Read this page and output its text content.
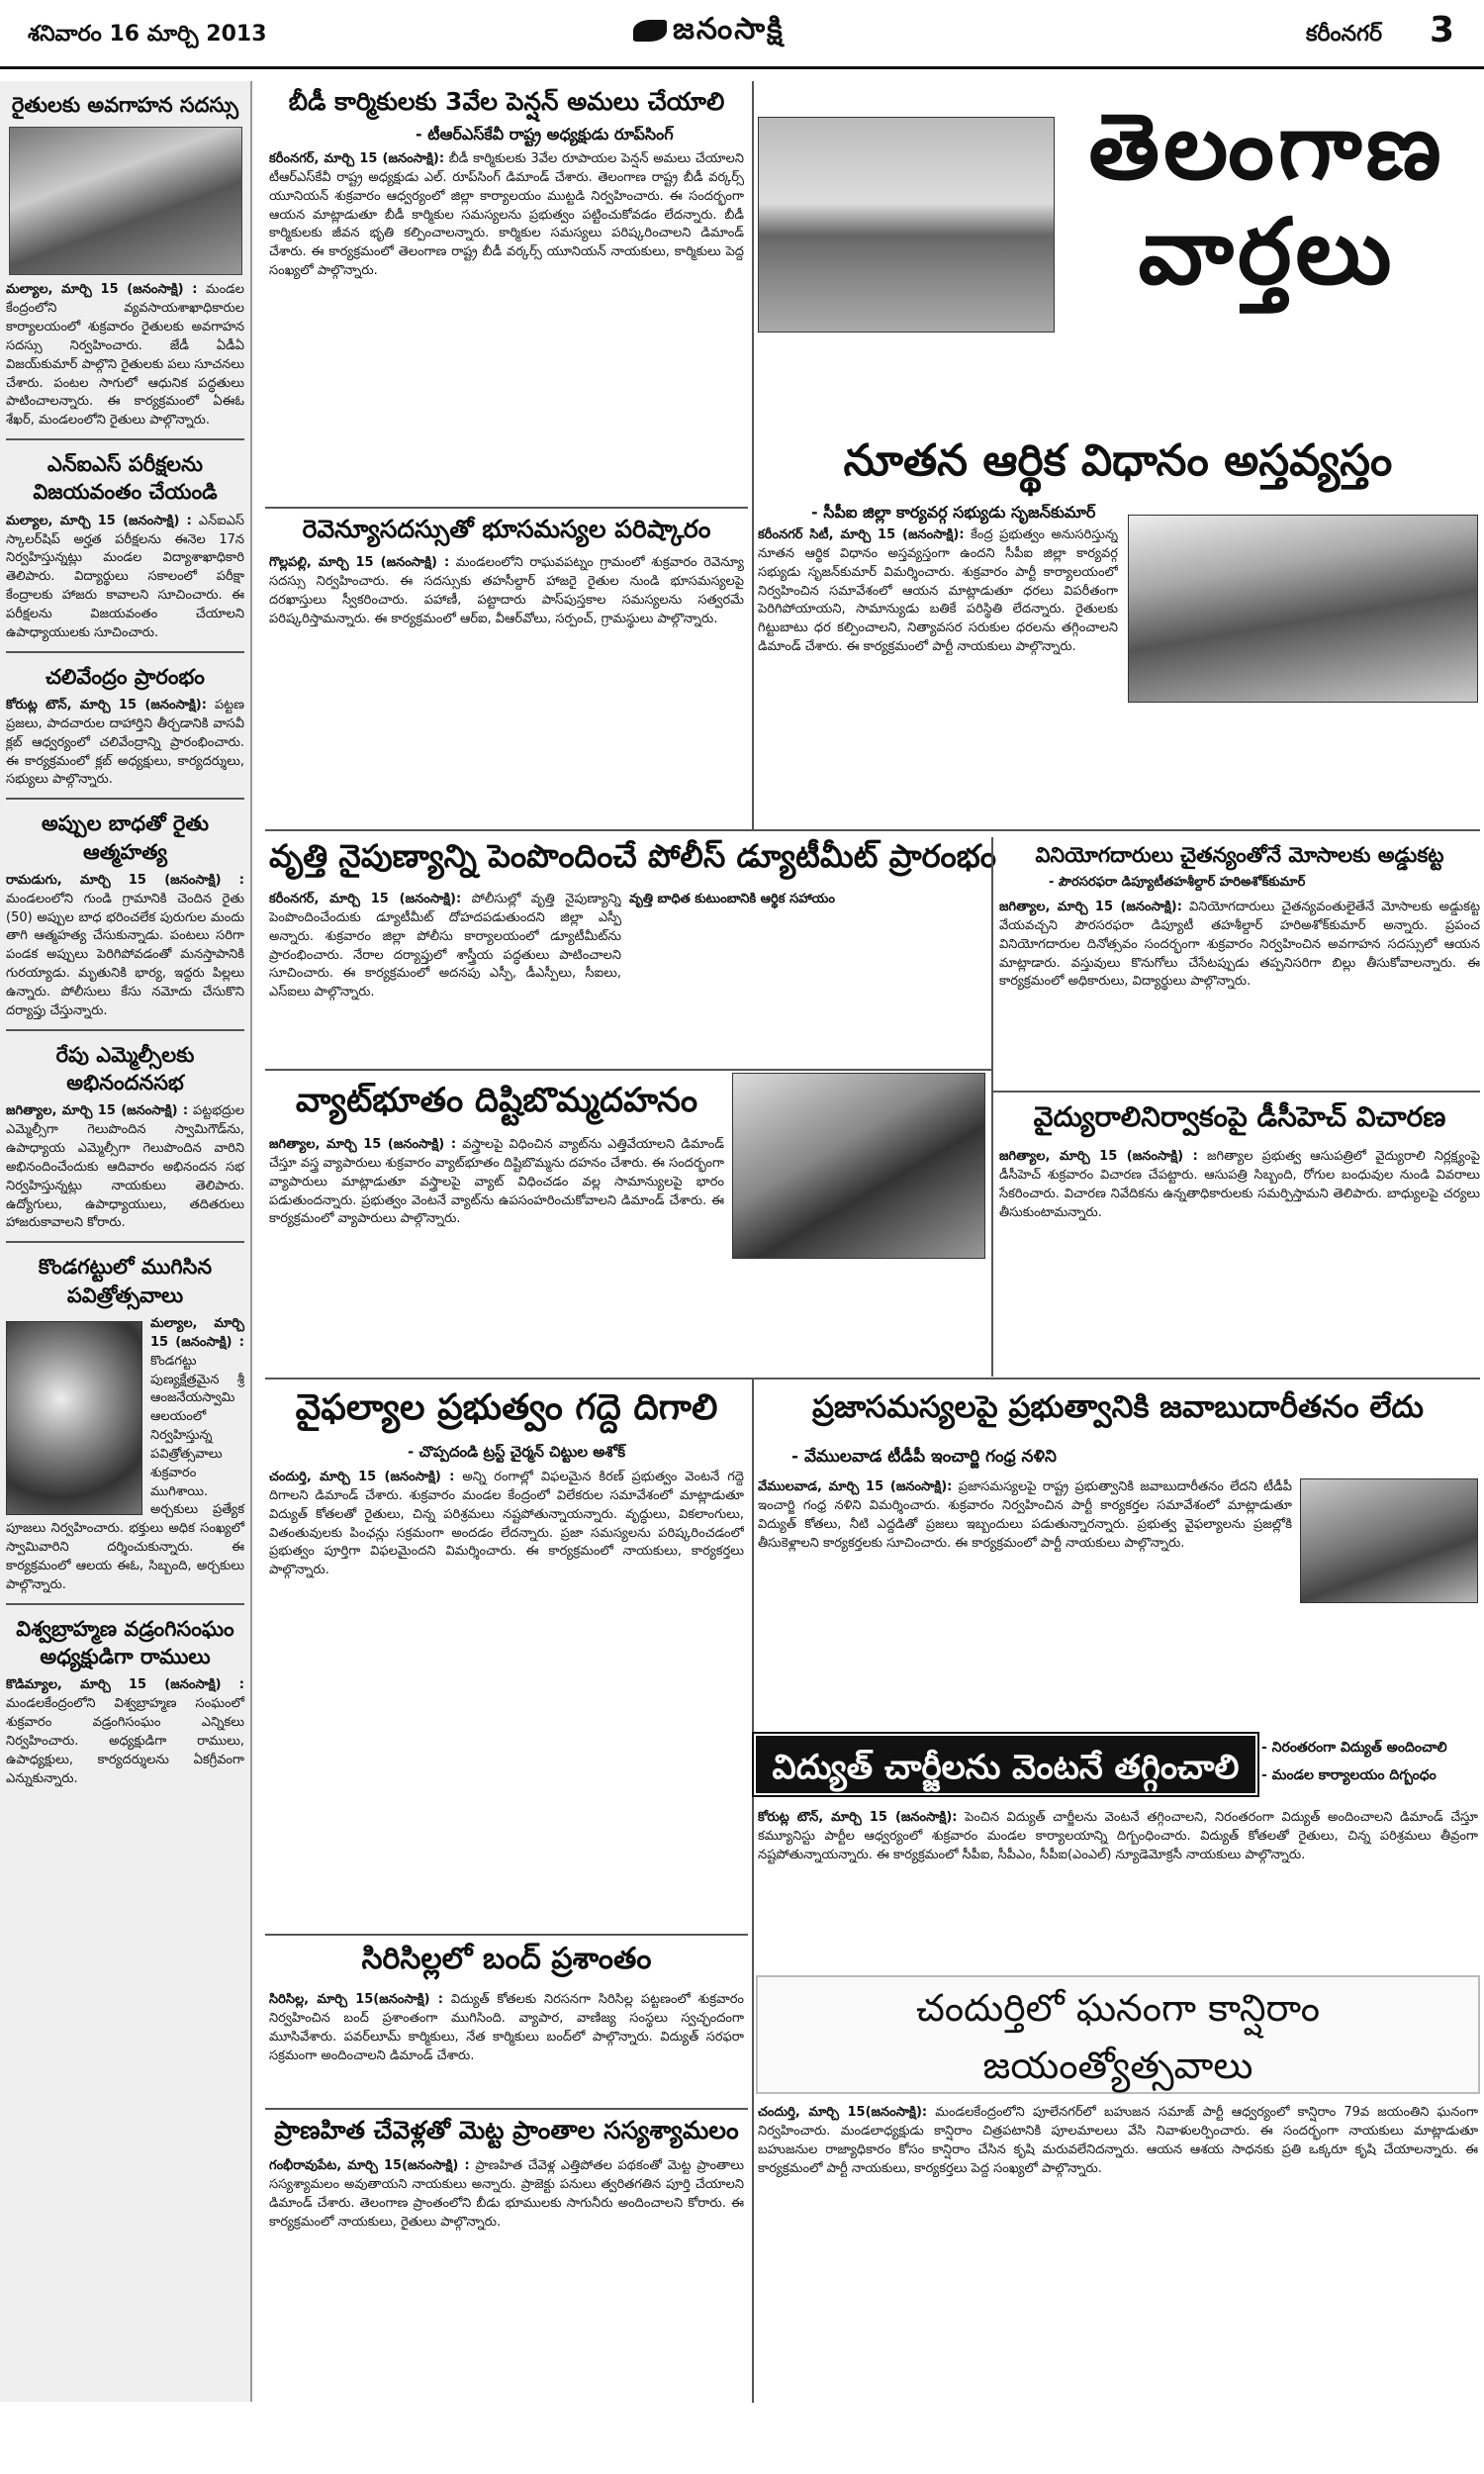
శనివారం 16 మార్చి 2013	జనంసాక్షి	కరీంనగర్ 3
రైతులకు అవగాహన సదస్సు
మల్యాల, మార్చి 15 (జనంసాక్షి) : మండల కేంద్రంలోని వ్యవసాయశాఖాధికారుల కార్యాలయంలో శుక్రవారం రైతులకు అవగాహన సదస్సు నిర్వహించారు. జేడీ ఏడీఏ విజయ్‌కుమార్ పాల్గొని రైతులకు పలు సూచనలు చేశారు. పంటల సాగులో ఆధునిక పద్ధతులు పాటించాలన్నారు. ఈ కార్యక్రమంలో ఏఈఓ శేఖర్, మండలంలోని రైతులు పాల్గొన్నారు.
ఎన్‌ఐఎస్ పరీక్షలను విజయవంతం చేయండి
మల్యాల, మార్చి 15 (జనంసాక్షి) : ఎన్‌ఐఎస్ స్కాలర్‌షిప్ అర్హత పరీక్షలను ఈనెల 17న నిర్వహిస్తున్నట్లు మండల విద్యాశాఖాధికారి తెలిపారు. విద్యార్థులు సకాలంలో పరీక్షా కేంద్రాలకు హాజరు కావాలని సూచించారు. ఈ పరీక్షలను విజయవంతం చేయాలని ఉపాధ్యాయులకు సూచించారు.
చలివేంద్రం ప్రారంభం
కోరుట్ల టౌన్, మార్చి 15 (జనంసాక్షి): పట్టణ ప్రజలు, పాదచారుల దాహార్తిని తీర్చడానికి వాసవీ క్లబ్ ఆధ్వర్యంలో చలివేంద్రాన్ని ప్రారంభించారు. ఈ కార్యక్రమంలో క్లబ్ అధ్యక్షులు, కార్యదర్శులు, సభ్యులు పాల్గొన్నారు.
అప్పుల బాధతో రైతు ఆత్మహత్య
రామడుగు, మార్చి 15 (జనంసాక్షి) : మండలంలోని గుండి గ్రామానికి చెందిన రైతు (50) అప్పుల బాధ భరించలేక పురుగుల మందు తాగి ఆత్మహత్య చేసుకున్నాడు. పంటలు సరిగా పండక అప్పులు పెరిగిపోవడంతో మనస్తాపానికి గురయ్యాడు. మృతునికి భార్య, ఇద్దరు పిల్లలు ఉన్నారు. పోలీసులు కేసు నమోదు చేసుకొని దర్యాప్తు చేస్తున్నారు.
రేపు ఎమ్మెల్సీలకు అభినందనసభ
జగిత్యాల, మార్చి 15 (జనంసాక్షి) : పట్టభద్రుల ఎమ్మెల్సీగా గెలుపొందిన స్వామిగౌడ్‌ను, ఉపాధ్యాయ ఎమ్మెల్సీగా గెలుపొందిన వారిని అభినందించేందుకు ఆదివారం అభినందన సభ నిర్వహిస్తున్నట్లు నాయకులు తెలిపారు. ఉద్యోగులు, ఉపాధ్యాయులు, తదితరులు హాజరుకావాలని కోరారు.
కొండగట్టులో ముగిసిన పవిత్రోత్సవాలు
మల్యాల, మార్చి 15 (జనంసాక్షి) : కొండగట్టు పుణ్యక్షేత్రమైన శ్రీ ఆంజనేయస్వామి ఆలయంలో నిర్వహిస్తున్న పవిత్రోత్సవాలు శుక్రవారం ముగిశాయి. అర్చకులు ప్రత్యేక పూజలు నిర్వహించారు. భక్తులు అధిక సంఖ్యలో స్వామివారిని దర్శించుకున్నారు. ఈ కార్యక్రమంలో ఆలయ ఈఓ, సిబ్బంది, అర్చకులు పాల్గొన్నారు.
విశ్వబ్రాహ్మణ వడ్రంగిసంఘం అధ్యక్షుడిగా రాములు
కొడిమ్యాల, మార్చి 15 (జనంసాక్షి) : మండలకేంద్రంలోని విశ్వబ్రాహ్మణ సంఘంలో శుక్రవారం వడ్రంగిసంఘం ఎన్నికలు నిర్వహించారు. అధ్యక్షుడిగా రాములు, ఉపాధ్యక్షులు, కార్యదర్శులను ఏకగ్రీవంగా ఎన్నుకున్నారు.
బీడీ కార్మికులకు 3వేల పెన్షన్ అమలు చేయాలి
- టీఆర్‌ఎస్‌కేవీ రాష్ట్ర అధ్యక్షుడు రూప్‌సింగ్
కరీంనగర్, మార్చి 15 (జనంసాక్షి): బీడీ కార్మికులకు 3వేల రూపాయల పెన్షన్ అమలు చేయాలని టీఆర్‌ఎస్‌కేవీ రాష్ట్ర అధ్యక్షుడు ఎల్. రూప్‌సింగ్ డిమాండ్ చేశారు. తెలంగాణ రాష్ట్ర బీడీ వర్కర్స్ యూనియన్ శుక్రవారం ఆధ్వర్యంలో జిల్లా కార్యాలయం ముట్టడి నిర్వహించారు. ఈ సందర్భంగా ఆయన మాట్లాడుతూ బీడీ కార్మికుల సమస్యలను ప్రభుత్వం పట్టించుకోవడం లేదన్నారు. బీడీ కార్మికులకు జీవన భృతి కల్పించాలన్నారు. కార్మికుల సమస్యలు పరిష్కరించాలని డిమాండ్ చేశారు. ఈ కార్యక్రమంలో తెలంగాణ రాష్ట్ర బీడీ వర్కర్స్ యూనియన్ నాయకులు, కార్మికులు పెద్ద సంఖ్యలో పాల్గొన్నారు.
రెవెన్యూసదస్సుతో భూసమస్యల పరిష్కారం
గొల్లపల్లి, మార్చి 15 (జనంసాక్షి) : మండలంలోని రాఘవపట్నం గ్రామంలో శుక్రవారం రెవెన్యూ సదస్సు నిర్వహించారు. ఈ సదస్సుకు తహసీల్దార్ హాజరై రైతుల నుండి భూసమస్యలపై దరఖాస్తులు స్వీకరించారు. పహాణీ, పట్టాదారు పాస్‌పుస్తకాల సమస్యలను సత్వరమే పరిష్కరిస్తామన్నారు. ఈ కార్యక్రమంలో ఆర్‌ఐ, వీఆర్‌వోలు, సర్పంచ్, గ్రామస్థులు పాల్గొన్నారు.
తెలంగాణ
వార్తలు
నూతన ఆర్థిక విధానం అస్తవ్యస్తం
- సీపీఐ జిల్లా కార్యవర్గ సభ్యుడు సృజన్‌కుమార్
కరీంనగర్ సిటీ, మార్చి 15 (జనంసాక్షి): కేంద్ర ప్రభుత్వం అనుసరిస్తున్న నూతన ఆర్థిక విధానం అస్తవ్యస్తంగా ఉందని సీపీఐ జిల్లా కార్యవర్గ సభ్యుడు సృజన్‌కుమార్ విమర్శించారు. శుక్రవారం పార్టీ కార్యాలయంలో నిర్వహించిన సమావేశంలో ఆయన మాట్లాడుతూ ధరలు విపరీతంగా పెరిగిపోయాయని, సామాన్యుడు బతికే పరిస్థితి లేదన్నారు. రైతులకు గిట్టుబాటు ధర కల్పించాలని, నిత్యావసర సరుకుల ధరలను తగ్గించాలని డిమాండ్ చేశారు. ఈ కార్యక్రమంలో పార్టీ నాయకులు పాల్గొన్నారు.
వృత్తి నైపుణ్యాన్ని పెంపొందించే పోలీస్ డ్యూటీమీట్ ప్రారంభం
కరీంనగర్, మార్చి 15 (జనంసాక్షి): పోలీసుల్లో వృత్తి నైపుణ్యాన్ని పెంపొందించేందుకు డ్యూటీమీట్ దోహదపడుతుందని జిల్లా ఎస్పీ అన్నారు. శుక్రవారం జిల్లా పోలీసు కార్యాలయంలో డ్యూటీమీట్‌ను ప్రారంభించారు. నేరాల దర్యాప్తులో శాస్త్రీయ పద్ధతులు పాటించాలని సూచించారు. ఈ కార్యక్రమంలో అదనపు ఎస్పీ, డీఎస్పీలు, సీఐలు, ఎస్‌ఐలు పాల్గొన్నారు.
వృత్తి బాధిత కుటుంబానికి ఆర్థిక సహాయం
వినియోగదారులు చైతన్యంతోనే మోసాలకు అడ్డుకట్ట
- పౌరసరఫరా డిప్యూటీతహశీల్దార్ హరిఅశోక్‌కుమార్
జగిత్యాల, మార్చి 15 (జనంసాక్షి): వినియోగదారులు చైతన్యవంతులైతేనే మోసాలకు అడ్డుకట్ట వేయవచ్చని పౌరసరఫరా డిప్యూటీ తహశీల్దార్ హరిఅశోక్‌కుమార్ అన్నారు. ప్రపంచ వినియోగదారుల దినోత్సవం సందర్భంగా శుక్రవారం నిర్వహించిన అవగాహన సదస్సులో ఆయన మాట్లాడారు. వస్తువులు కొనుగోలు చేసేటప్పుడు తప్పనిసరిగా బిల్లు తీసుకోవాలన్నారు. ఈ కార్యక్రమంలో అధికారులు, విద్యార్థులు పాల్గొన్నారు.
వ్యాట్‌భూతం దిష్టిబొమ్మదహనం
జగిత్యాల, మార్చి 15 (జనంసాక్షి) : వస్త్రాలపై విధించిన వ్యాట్‌ను ఎత్తివేయాలని డిమాండ్ చేస్తూ వస్త్ర వ్యాపారులు శుక్రవారం వ్యాట్‌భూతం దిష్టిబొమ్మను దహనం చేశారు. ఈ సందర్భంగా వ్యాపారులు మాట్లాడుతూ వస్త్రాలపై వ్యాట్ విధించడం వల్ల సామాన్యులపై భారం పడుతుందన్నారు. ప్రభుత్వం వెంటనే వ్యాట్‌ను ఉపసంహరించుకోవాలని డిమాండ్ చేశారు. ఈ కార్యక్రమంలో వ్యాపారులు పాల్గొన్నారు.
వైద్యురాలినిర్వాకంపై డీసీహెచ్ విచారణ
జగిత్యాల, మార్చి 15 (జనంసాక్షి) : జగిత్యాల ప్రభుత్వ ఆసుపత్రిలో వైద్యురాలి నిర్లక్ష్యంపై డీసీహెచ్ శుక్రవారం విచారణ చేపట్టారు. ఆసుపత్రి సిబ్బంది, రోగుల బంధువుల నుండి వివరాలు సేకరించారు. విచారణ నివేదికను ఉన్నతాధికారులకు సమర్పిస్తామని తెలిపారు. బాధ్యులపై చర్యలు తీసుకుంటామన్నారు.
వైఫల్యాల ప్రభుత్వం గద్దె దిగాలి
- చొప్పదండి ట్రస్ట్ చైర్మన్ చిట్టుల అశోక్
చందుర్తి, మార్చి 15 (జనంసాక్షి) : అన్ని రంగాల్లో విఫలమైన కిరణ్ ప్రభుత్వం వెంటనే గద్దె దిగాలని డిమాండ్ చేశారు. శుక్రవారం మండల కేంద్రంలో విలేకరుల సమావేశంలో మాట్లాడుతూ విద్యుత్ కోతలతో రైతులు, చిన్న పరిశ్రమలు నష్టపోతున్నాయన్నారు. వృద్ధులు, వికలాంగులు, వితంతువులకు పింఛన్లు సక్రమంగా అందడం లేదన్నారు. ప్రజా సమస్యలను పరిష్కరించడంలో ప్రభుత్వం పూర్తిగా విఫలమైందని విమర్శించారు. ఈ కార్యక్రమంలో నాయకులు, కార్యకర్తలు పాల్గొన్నారు.
సిరిసిల్లలో బంద్ ప్రశాంతం
సిరిసిల్ల, మార్చి 15(జనంసాక్షి) : విద్యుత్ కోతలకు నిరసనగా సిరిసిల్ల పట్టణంలో శుక్రవారం నిర్వహించిన బంద్ ప్రశాంతంగా ముగిసింది. వ్యాపార, వాణిజ్య సంస్థలు స్వచ్ఛందంగా మూసివేశారు. పవర్‌లూమ్ కార్మికులు, నేత కార్మికులు బంద్‌లో పాల్గొన్నారు. విద్యుత్ సరఫరా సక్రమంగా అందించాలని డిమాండ్ చేశారు.
ప్రాణహిత చేవెళ్లతో మెట్ట ప్రాంతాల సస్యశ్యామలం
గంభీరావుపేట, మార్చి 15(జనంసాక్షి) : ప్రాణహిత చేవెళ్ల ఎత్తిపోతల పథకంతో మెట్ట ప్రాంతాలు సస్యశ్యామలం అవుతాయని నాయకులు అన్నారు. ప్రాజెక్టు పనులు త్వరితగతిన పూర్తి చేయాలని డిమాండ్ చేశారు. తెలంగాణ ప్రాంతంలోని బీడు భూములకు సాగునీరు అందించాలని కోరారు. ఈ కార్యక్రమంలో నాయకులు, రైతులు పాల్గొన్నారు.
ప్రజాసమస్యలపై ప్రభుత్వానికి జవాబుదారీతనం లేదు
- వేములవాడ టీడీపీ ఇంచార్జి గంధ్ర నళిని
వేములవాడ, మార్చి 15 (జనంసాక్షి): ప్రజాసమస్యలపై రాష్ట్ర ప్రభుత్వానికి జవాబుదారీతనం లేదని టీడీపీ ఇంచార్జి గంధ్ర నళిని విమర్శించారు. శుక్రవారం నిర్వహించిన పార్టీ కార్యకర్తల సమావేశంలో మాట్లాడుతూ విద్యుత్ కోతలు, నీటి ఎద్దడితో ప్రజలు ఇబ్బందులు పడుతున్నారన్నారు. ప్రభుత్వ వైఫల్యాలను ప్రజల్లోకి తీసుకెళ్లాలని కార్యకర్తలకు సూచించారు. ఈ కార్యక్రమంలో పార్టీ నాయకులు పాల్గొన్నారు.
విద్యుత్ చార్జీలను వెంటనే తగ్గించాలి	- నిరంతరంగా విద్యుత్ అందించాలి
- మండల కార్యాలయం దిగ్బంధం
కోరుట్ల టౌన్, మార్చి 15 (జనంసాక్షి): పెంచిన విద్యుత్ చార్జీలను వెంటనే తగ్గించాలని, నిరంతరంగా విద్యుత్ అందించాలని డిమాండ్ చేస్తూ కమ్యూనిస్టు పార్టీల ఆధ్వర్యంలో శుక్రవారం మండల కార్యాలయాన్ని దిగ్బంధించారు. విద్యుత్ కోతలతో రైతులు, చిన్న పరిశ్రమలు తీవ్రంగా నష్టపోతున్నాయన్నారు. ఈ కార్యక్రమంలో సీపీఐ, సీపీఎం, సీపీఐ(ఎంఎల్) న్యూడెమోక్రసీ నాయకులు పాల్గొన్నారు.
చందుర్తిలో ఘనంగా కాన్షిరాం జయంత్యోత్సవాలు
చందుర్తి, మార్చి 15(జనంసాక్షి): మండలకేంద్రంలోని పూలేనగర్‌లో బహుజన సమాజ్ పార్టీ ఆధ్వర్యంలో కాన్షిరాం 79వ జయంతిని ఘనంగా నిర్వహించారు. మండలాధ్యక్షుడు కాన్షిరాం చిత్రపటానికి పూలమాలలు వేసి నివాళులర్పించారు. ఈ సందర్భంగా నాయకులు మాట్లాడుతూ బహుజనుల రాజ్యాధికారం కోసం కాన్షిరాం చేసిన కృషి మరువలేనిదన్నారు. ఆయన ఆశయ సాధనకు ప్రతి ఒక్కరూ కృషి చేయాలన్నారు. ఈ కార్యక్రమంలో పార్టీ నాయకులు, కార్యకర్తలు పెద్ద సంఖ్యలో పాల్గొన్నారు.
